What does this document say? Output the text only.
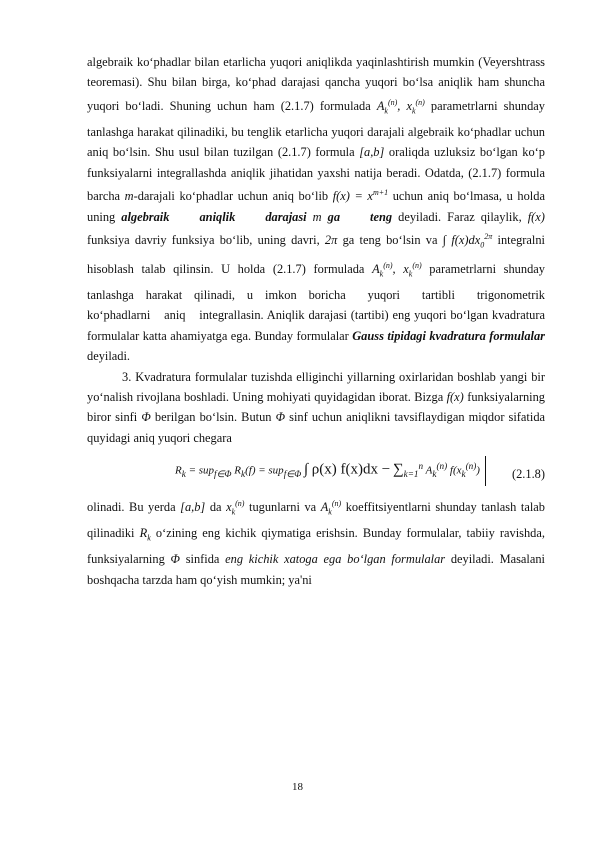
algebraik ko‘phadlar bilan etarlicha yuqori aniqlikda yaqinlashtirish mumkin (Veyershtrass teoremasi). Shu bilan birga, ko‘phad darajasi qancha yuqori bo‘lsa aniqlik ham shuncha yuqori bo‘ladi. Shuning uchun ham (2.1.7) formulada $A_k^{(n)}$, $x_k^{(n)}$ parametrlarni shunday tanlashga harakat qilinadiki, bu tenglik etarlicha yuqori darajali algebraik ko‘phadlar uchun aniq bo‘lsin. Shu usul bilan tuzilgan (2.1.7) formula [a,b] oraliqda uzluksiz bo‘lgan ko‘p funksiyalarni integrallashda aniqlik jihatidan yaxshi natija beradi. Odatda, (2.1.7) formula barcha m-darajali ko‘phadlar uchun aniq bo‘lib $f(x) = x^{m+1}$ uchun aniq bo‘lmasa, u holda uning algebraik aniqlik darajasi m ga teng deyiladi. Faraz qilaylik, f(x) funksiya davriy funksiya bo‘lib, uning davri, 2π ga teng bo‘lsin va ∫ $f(x)dx_0^{2\pi}$ integralni hisoblash talab qilinsin. U holda (2.1.7) formulada $A_k^{(n)}$, $x_k^{(n)}$ parametrlarni shunday tanlashga harakat qilinadi, u imkon boricha yuqori tartibli trigonometrik ko‘phadlarni aniq integrallasin. Aniqlik darajasi (tartibi) eng yuqori bo‘lgan kvadratura formulalar katta ahamiyatga ega. Bunday formulalar Gauss tipidagi kvadratura formulalar deyiladi.

3. Kvadratura formulalar tuzishda elliginchi yillarning oxirlaridan boshlab yangi bir yo‘nalish rivojlana boshladi. Uning mohiyati quyidagidan iborat. Bizga f(x) funksiyalarning biror sinfi Φ berilgan bo‘lsin. Butun Φ sinf uchun aniqlikni tavsiflaydigan miqdor sifatida quyidagi aniq yuqori chegara

$R_k = sup_{f\in\Phi}$ $R_k(f) = sup_{f\in\Phi}$ ∫ ρ(x) $f(x)dx - \sum_{k=1}^n$ $A_k^{(n)}$ $f(x_k^{(n)})$	(2.1.8)

olinadi. Bu yerda [a,b] da $x_k^{(n)}$ tugunlarni va $A_k^{(n)}$ koeffitsiyentlarni shunday tanlash talab qilinadiki $R_k$ o‘zining eng kichik qiymatiga erishsin. Bunday formulalar, tabiiy ravishda, funksiyalarning Φ sinfida eng kichik xatoga ega bo‘lgan formulalar deyiladi. Masalani boshqacha tarzda ham qo‘yish mumkin; ya'ni

18
